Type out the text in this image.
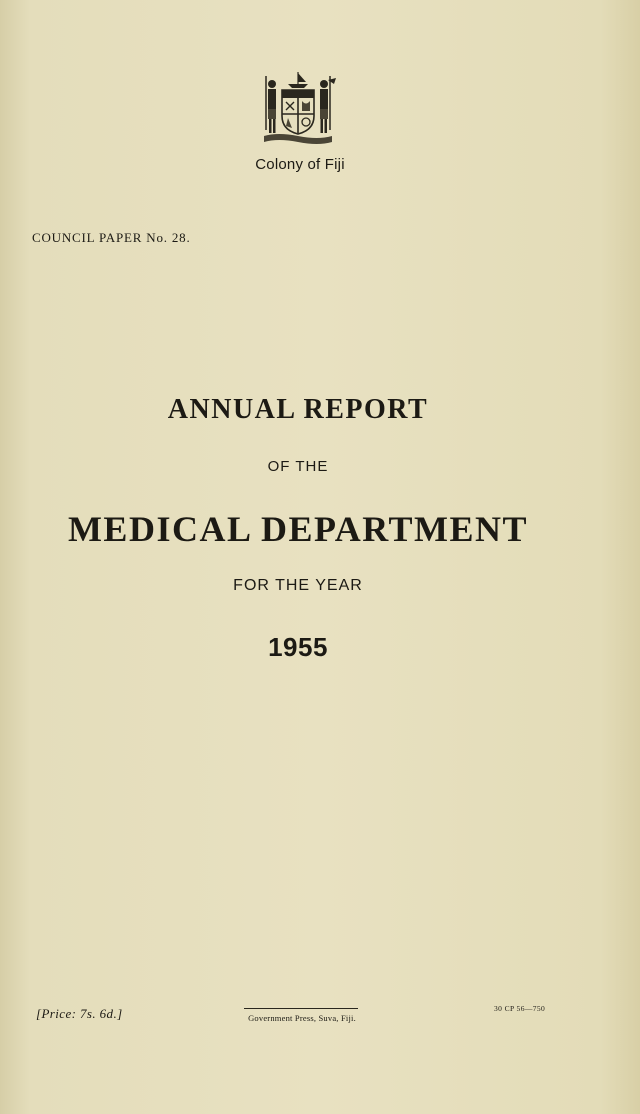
Colony of Fiji
COUNCIL PAPER No. 28.
ANNUAL REPORT
OF THE
MEDICAL DEPARTMENT
FOR THE YEAR
1955
[Price: 7s. 6d.]	Government Press, Suva, Fiji.
30 CP 56—750
